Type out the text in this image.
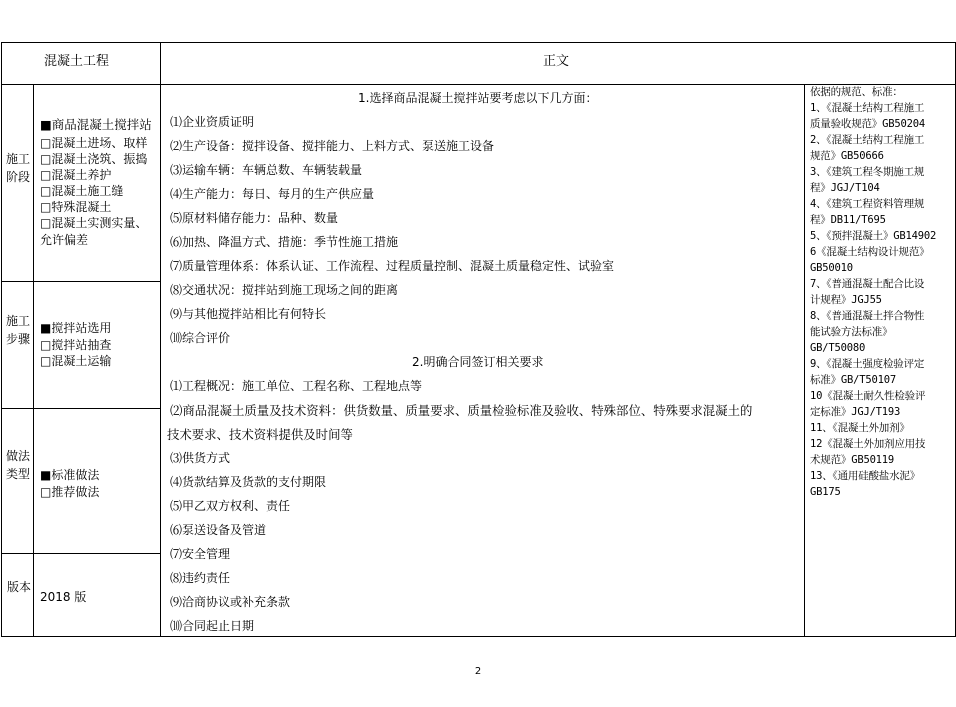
混凝土工程	正文
施工
阶段
施工
步骤
做法
类型
版本
■商品混凝土搅拌站
□混凝土进场、取样
□混凝土浇筑、振捣
□混凝土养护
□混凝土施工缝
□特殊混凝土
□混凝土实测实量、
允许偏差
■搅拌站选用
□搅拌站抽查
□混凝土运输
■标准做法
□推荐做法
2018 版
1.选择商品混凝土搅拌站要考虑以下几方面：
⑴企业资质证明
⑵生产设备：搅拌设备、搅拌能力、上料方式、泵送施工设备
⑶运输车辆：车辆总数、车辆装载量
⑷生产能力：每日、每月的生产供应量
⑸原材料储存能力：品种、数量
⑹加热、降温方式、措施：季节性施工措施
⑺质量管理体系：体系认证、工作流程、过程质量控制、混凝土质量稳定性、试验室
⑻交通状况：搅拌站到施工现场之间的距离
⑼与其他搅拌站相比有何特长
⑽综合评价
2.明确合同签订相关要求
⑴工程概况：施工单位、工程名称、工程地点等
⑵商品混凝土质量及技术资料：供货数量、质量要求、质量检验标准及验收、特殊部位、特殊要求混凝土的
技术要求、技术资料提供及时间等
⑶供货方式
⑷货款结算及货款的支付期限
⑸甲乙双方权利、责任
⑹泵送设备及管道
⑺安全管理
⑻违约责任
⑼洽商协议或补充条款
⑽合同起止日期
依据的规范、标准：
1、《混凝土结构工程施工
质量验收规范》GB50204
2、《混凝土结构工程施工
规范》GB50666
3、《建筑工程冬期施工规
程》JGJ/T104
4、《建筑工程资料管理规
程》DB11/T695
5、《预拌混凝土》GB14902
6《混凝土结构设计规范》
GB50010
7、《普通混凝土配合比设
计规程》JGJ55
8、《普通混凝土拌合物性
能试验方法标准》
GB/T50080
9、《混凝土强度检验评定
标准》GB/T50107
10《混凝土耐久性检验评
定标准》JGJ/T193
11、《混凝土外加剂》
12《混凝土外加剂应用技
术规范》GB50119
13、《通用硅酸盐水泥》
GB175
2
